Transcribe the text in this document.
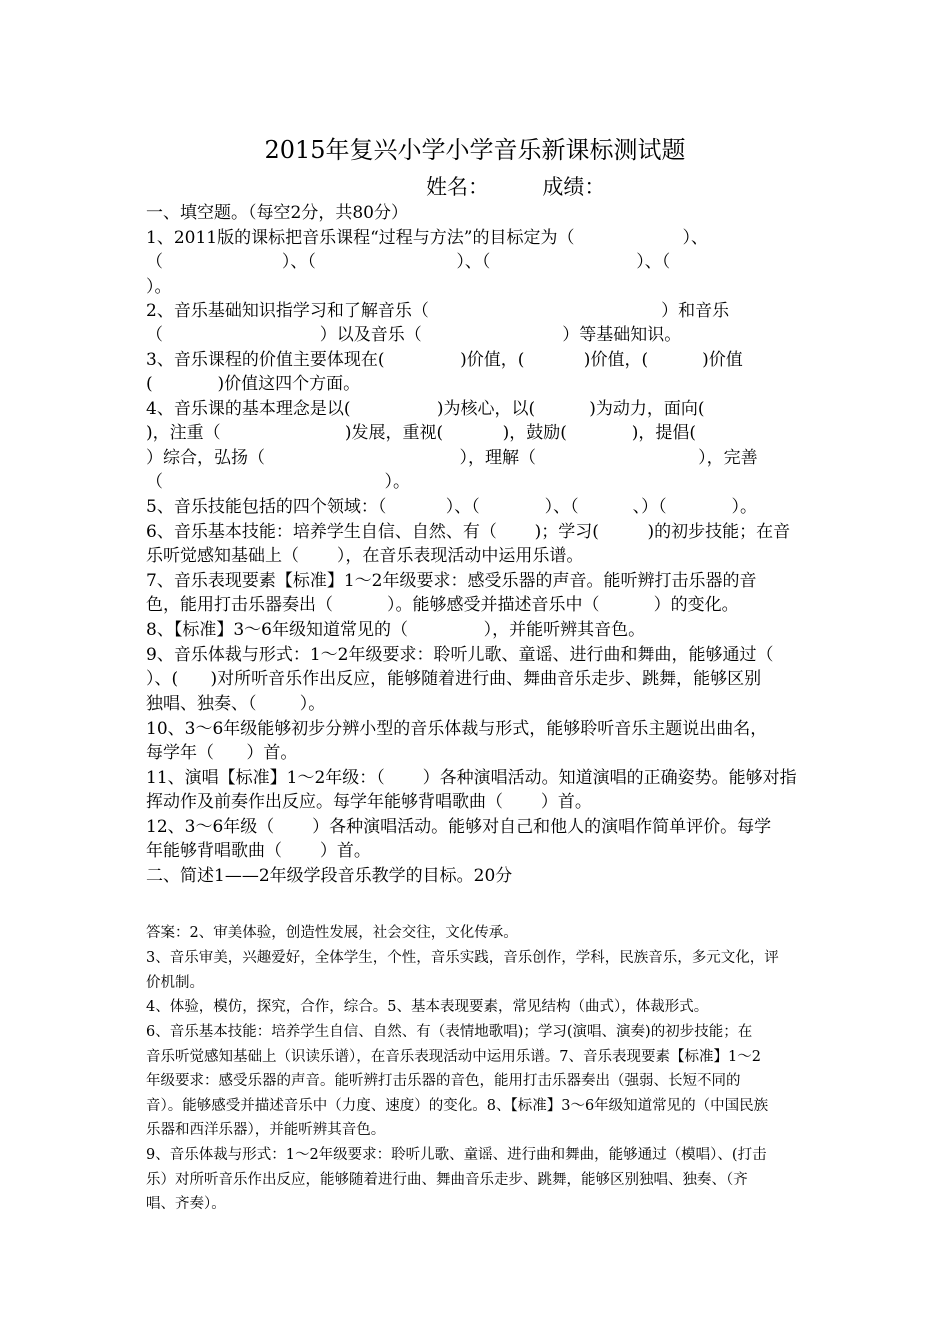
2015年复兴小学小学音乐新课标测试题
姓名：        成绩：
一、填空题。（每空2分，共80分）
1、2011版的课标把音乐课程“过程与方法”的目标定为（                    ）、
（                      ）、（                          ）、（                           ）、（
）。
2、音乐基础知识指学习和了解音乐（                                           ）和音乐
（                             ）以及音乐（                          ）等基础知识。
3、音乐课程的价值主要体现在(              )价值，(           )价值，(          )价值
(            )价值这四个方面。
4、音乐课的基本理念是以(                )为核心，以(          )为动力，面向(
)，注重（                       )发展，重视(           )，鼓励(            )，提倡(
）综合，弘扬（                                    ），理解（                              ），完善
（                                         ）。
5、音乐技能包括的四个领域：（           ）、（            ）、（          、）（            ）。
6、音乐基本技能：培养学生自信、自然、有（       )；学习(         )的初步技能；在音
乐听觉感知基础上（       ），在音乐表现活动中运用乐谱。
7、音乐表现要素【标准】1～2年级要求：感受乐器的声音。能听辨打击乐器的音
色，能用打击乐器奏出（          ）。能够感受并描述音乐中（          ）的变化。
8、【标准】3～6年级知道常见的（              ），并能听辨其音色。
9、音乐体裁与形式：1～2年级要求：聆听儿歌、童谣、进行曲和舞曲，能够通过（
）、(      )对所听音乐作出反应，能够随着进行曲、舞曲音乐走步、跳舞，能够区别
独唱、独奏、（        ）。
10、3～6年级能够初步分辨小型的音乐体裁与形式，能够聆听音乐主题说出曲名，
每学年（      ）首。
11、演唱【标准】1～2年级：（       ）各种演唱活动。知道演唱的正确姿势。能够对指
挥动作及前奏作出反应。每学年能够背唱歌曲（       ）首。
12、3～6年级（       ）各种演唱活动。能够对自己和他人的演唱作简单评价。每学
年能够背唱歌曲（       ）首。
二、简述1——2年级学段音乐教学的目标。20分
答案：2、审美体验，创造性发展，社会交往，文化传承。
3、音乐审美，兴趣爱好，全体学生，个性，音乐实践，音乐创作，学科，民族音乐，多元文化，评
价机制。
4、体验，模仿，探究，合作，综合。5、基本表现要素，常见结构（曲式），体裁形式。
6、音乐基本技能：培养学生自信、自然、有（表情地歌唱)；学习(演唱、演奏)的初步技能；在
音乐听觉感知基础上（识读乐谱），在音乐表现活动中运用乐谱。7、音乐表现要素【标准】1～2
年级要求：感受乐器的声音。能听辨打击乐器的音色，能用打击乐器奏出（强弱、长短不同的
音）。能够感受并描述音乐中（力度、速度）的变化。8、【标准】3～6年级知道常见的（中国民族
乐器和西洋乐器），并能听辨其音色。
9、音乐体裁与形式：1～2年级要求：聆听儿歌、童谣、进行曲和舞曲，能够通过（模唱）、(打击
乐）对所听音乐作出反应，能够随着进行曲、舞曲音乐走步、跳舞，能够区别独唱、独奏、（齐
唱、齐奏）。
